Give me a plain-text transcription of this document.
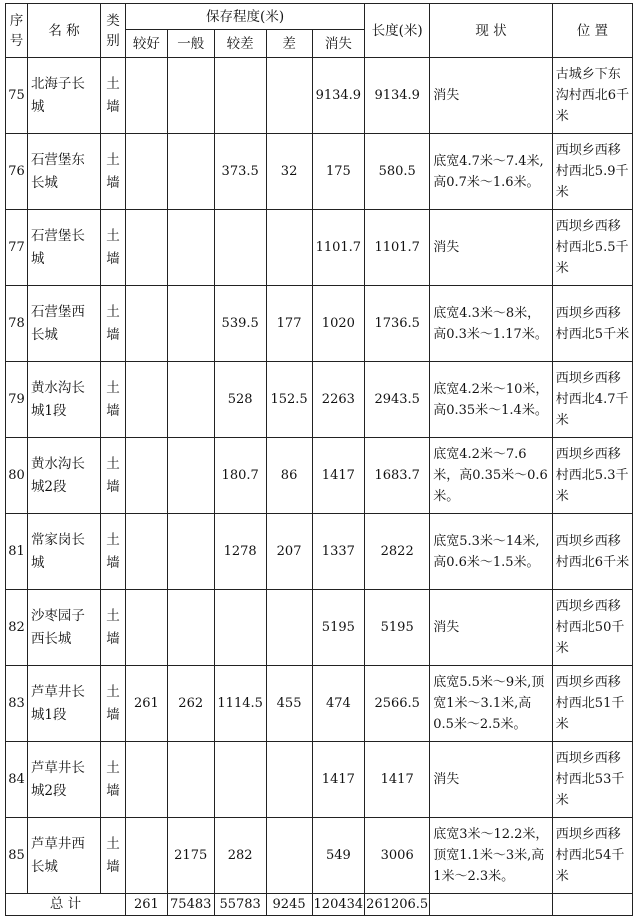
序号	名 称	类别	保存程度(米)					长度(米)	现 状	位 置
			较好	一般	较差	差	消失			
75	北海子长城	土墙					9134.9	9134.9	消失	古城乡下东沟村西北6千米
76	石营堡东长城	土墙			373.5	32	175	580.5	底宽4.7米～7.4米,高0.7米～1.6米。	西坝乡西移村西北5.9千米
77	石营堡长城	土墙					1101.7	1101.7	消失	西坝乡西移村西北5.5千米
78	石营堡西长城	土墙			539.5	177	1020	1736.5	底宽4.3米～8米，高0.3米～1.17米。	西坝乡西移村西北5千米
79	黄水沟长城1段	土墙			528	152.5	2263	2943.5	底宽4.2米～10米，高0.35米～1.4米。	西坝乡西移村西北4.7千米
80	黄水沟长城2段	土墙			180.7	86	1417	1683.7	底宽4.2米～7.6米，高0.35米～0.6米。	西坝乡西移村西北5.3千米
81	常家岗长城	土墙			1278	207	1337	2822	底宽5.3米～14米,高0.6米～1.5米。	西坝乡西移村西北6千米
82	沙枣园子西长城	土墙					5195	5195	消失	西坝乡西移村西北50千米
83	芦草井长城1段	土墙	261	262	1114.5	455	474	2566.5	底宽5.5米～9米,顶宽1米～3.1米,高0.5米～2.5米。	西坝乡西移村西北51千米
84	芦草井长城2段	土墙					1417	1417	消失	西坝乡西移村西北53千米
85	芦草井西长城	土墙		2175	282		549	3006	底宽3米～12.2米，顶宽1.1米～3米,高1米～2.3米。	西坝乡西移村西北54千米
总 计			261	75483	55783	9245	120434	261206.5		
